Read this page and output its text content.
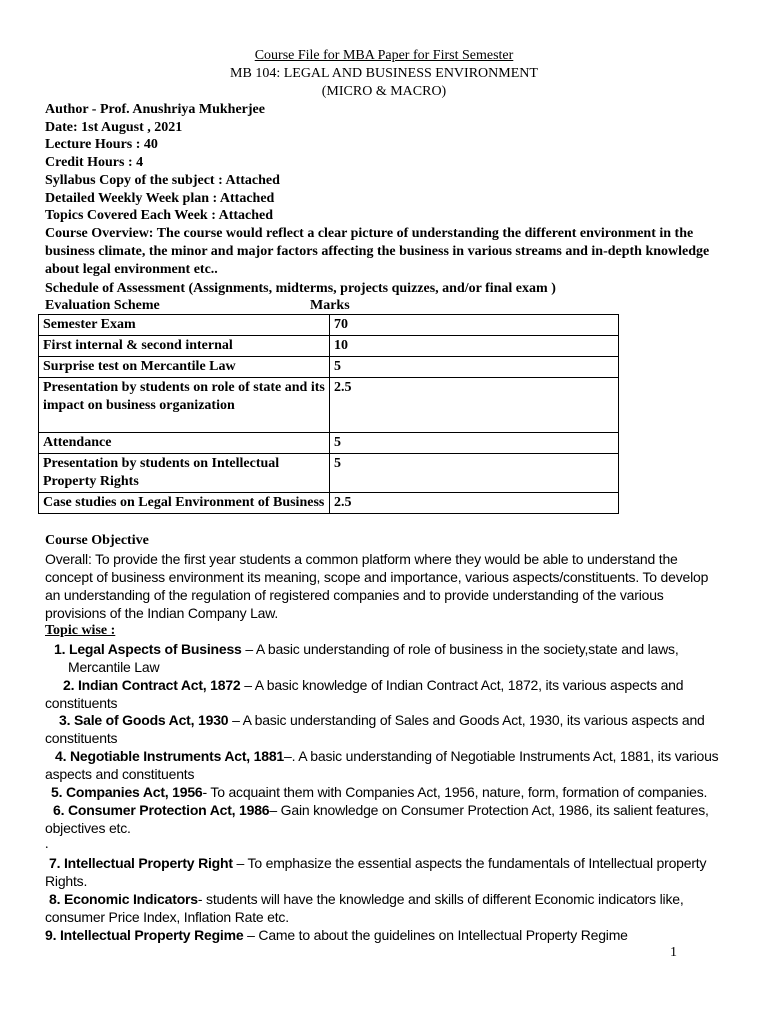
Course File for MBA Paper for First Semester
MB 104: LEGAL AND BUSINESS ENVIRONMENT
(MICRO & MACRO)
Author - Prof. Anushriya Mukherjee
Date: 1st August , 2021
Lecture Hours : 40
Credit Hours : 4
Syllabus Copy of the subject : Attached
Detailed Weekly Week plan : Attached
Topics Covered Each Week : Attached
Course Overview: The course would reflect a clear picture of understanding the different environment in the business climate, the minor and major factors affecting the business in various streams and in-depth knowledge about legal environment etc..
Schedule of Assessment (Assignments, midterms, projects quizzes, and/or final exam )
Evaluation Scheme	Marks
Semester Exam	70
First internal & second internal	10
Surprise test on Mercantile Law	5
Presentation by students on role of state and its impact on business organization	2.5
Attendance	5
Presentation by students on Intellectual Property Rights	5
Case studies on Legal Environment of Business	2.5
Course Objective
Overall: To provide the first year students a common platform where they would be able to understand the concept of business environment its meaning, scope and importance, various aspects/constituents. To develop an understanding of the regulation of registered companies and to provide understanding of the various provisions of the Indian Company Law.
Topic wise :
1. Legal Aspects of Business – A basic understanding of role of business in the society,state and laws, Mercantile Law
2. Indian Contract Act, 1872 – A basic knowledge of Indian Contract Act, 1872, its various aspects and constituents
3. Sale of Goods Act, 1930 – A basic understanding of Sales and Goods Act, 1930, its various aspects and constituents
4. Negotiable Instruments Act, 1881–. A basic understanding of Negotiable Instruments Act, 1881, its various aspects and constituents
5. Companies Act, 1956- To acquaint them with Companies Act, 1956, nature, form, formation of companies.
6. Consumer Protection Act, 1986– Gain knowledge on Consumer Protection Act, 1986, its salient features, objectives etc.
.
7. Intellectual Property Right – To emphasize the essential aspects the fundamentals of Intellectual property Rights.
8. Economic Indicators- students will have the knowledge and skills of different Economic indicators like, consumer Price Index, Inflation Rate etc.
9. Intellectual Property Regime – Came to about the guidelines on Intellectual Property Regime
1
